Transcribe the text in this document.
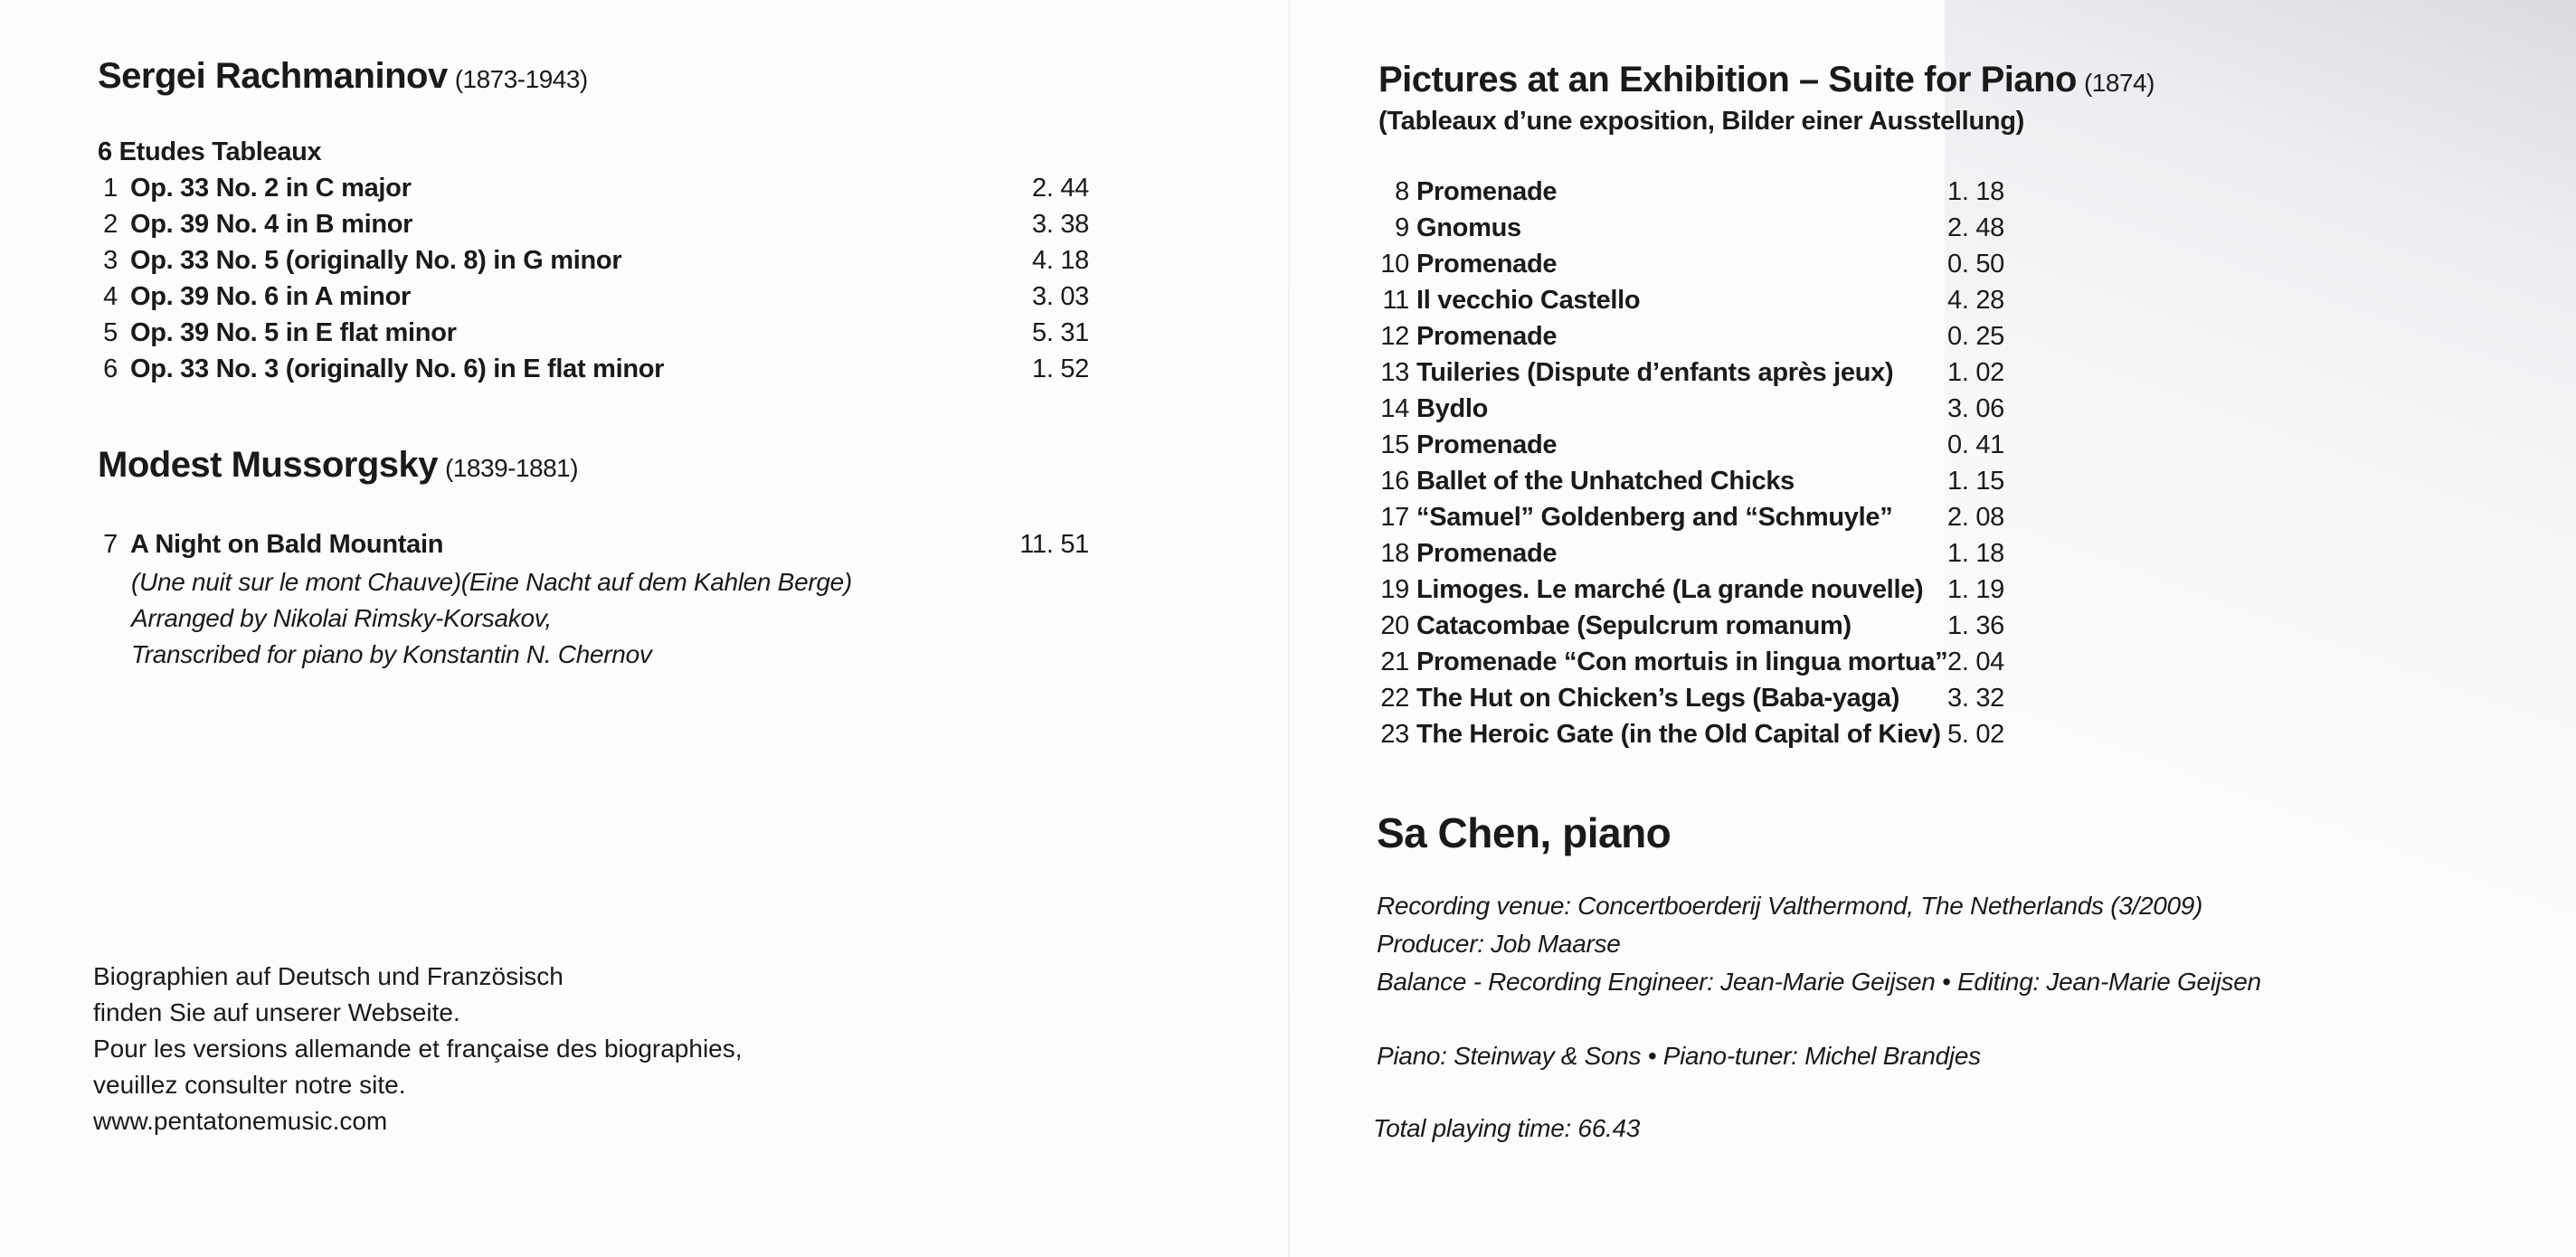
Sergei Rachmaninov (1873-1943)
6 Etudes Tableaux
1 Op. 33 No. 2 in C major	2. 44
2 Op. 39 No. 4 in B minor	3. 38
3 Op. 33 No. 5 (originally No. 8) in G minor	4. 18
4 Op. 39 No. 6 in A minor	3. 03
5 Op. 39 No. 5 in E flat minor	5. 31
6 Op. 33 No. 3 (originally No. 6) in E flat minor	1. 52
Modest Mussorgsky (1839-1881)
7 A Night on Bald Mountain	11. 51
(Une nuit sur le mont Chauve)(Eine Nacht auf dem Kahlen Berge)
Arranged by Nikolai Rimsky-Korsakov,
Transcribed for piano by Konstantin N. Chernov
Biographien auf Deutsch und Französisch
finden Sie auf unserer Webseite.
Pour les versions allemande et française des biographies,
veuillez consulter notre site.
www.pentatonemusic.com
Pictures at an Exhibition – Suite for Piano (1874)
(Tableaux d’une exposition, Bilder einer Ausstellung)
8 Promenade	1. 18
9 Gnomus	2. 48
10 Promenade	0. 50
11 Il vecchio Castello	4. 28
12 Promenade	0. 25
13 Tuileries (Dispute d’enfants après jeux) 1. 02
14 Bydlo	3. 06
15 Promenade	0. 41
16 Ballet of the Unhatched Chicks	1. 15
17 “Samuel” Goldenberg and “Schmuyle” 2. 08
18 Promenade	1. 18
19 Limoges. Le marché (La grande nouvelle) 1. 19
20 Catacombae (Sepulcrum romanum)	1. 36
21 Promenade “Con mortuis in lingua mortua” 2. 04
22 The Hut on Chicken’s Legs (Baba-yaga) 3. 32
23 The Heroic Gate (in the Old Capital of Kiev) 5. 02
Sa Chen, piano
Recording venue: Concertboerderij Valthermond, The Netherlands (3/2009)
Producer: Job Maarse
Balance - Recording Engineer: Jean-Marie Geijsen • Editing: Jean-Marie Geijsen
Piano: Steinway & Sons • Piano-tuner: Michel Brandjes
Total playing time: 66.43
